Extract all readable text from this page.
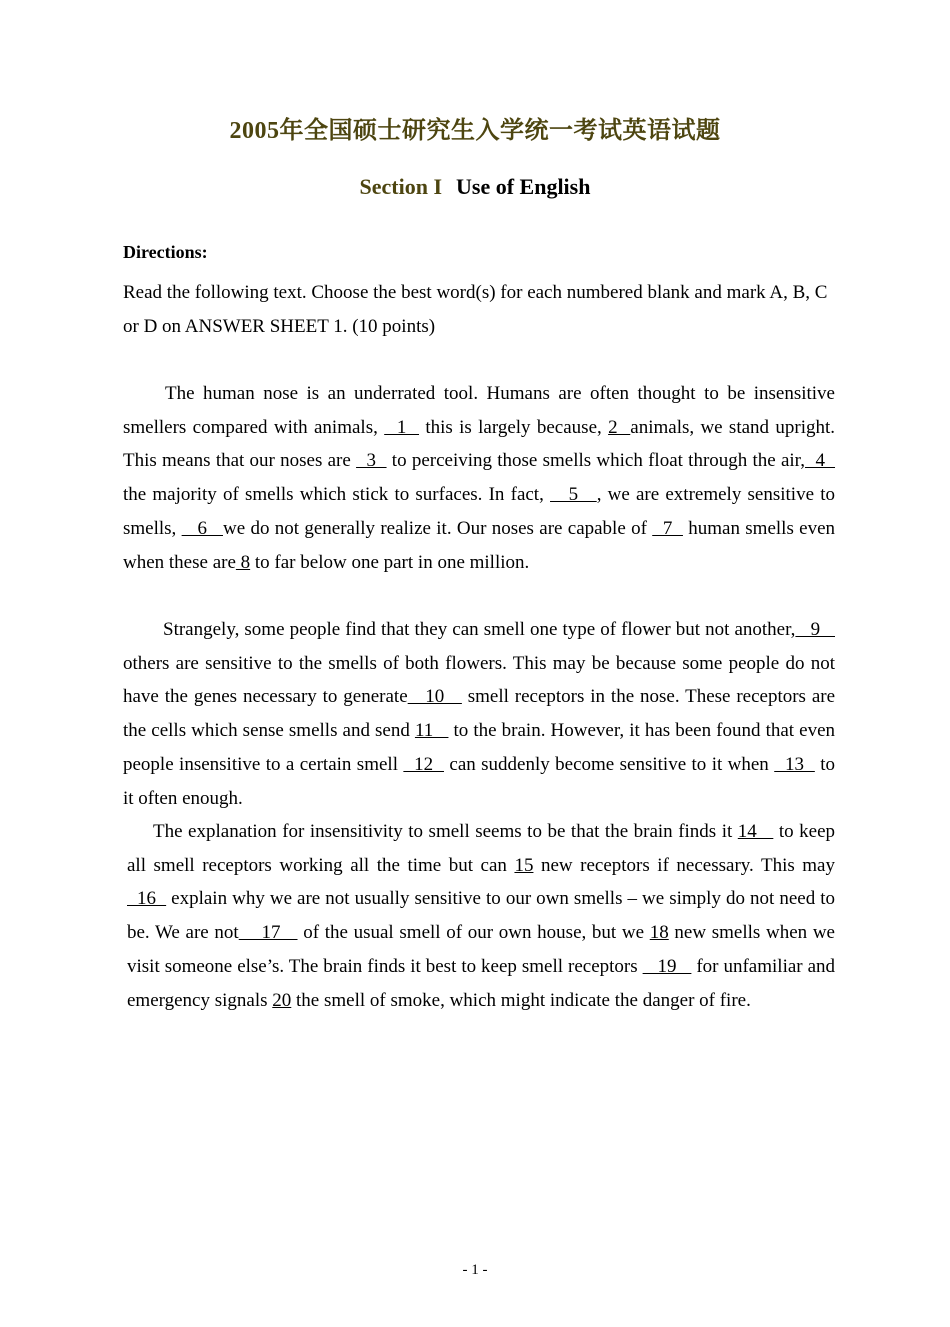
2005年全国硕士研究生入学统一考试英语试题
Section I Use of English
Directions:
Read the following text. Choose the best word(s) for each numbered blank and mark A, B, C or D on ANSWER SHEET 1. (10 points)
The human nose is an underrated tool. Humans are often thought to be insensitive smellers compared with animals,   1   this is largely because, 2  animals, we stand upright. This means that our noses are   3   to perceiving those smells which float through the air,  4   the majority of smells which stick to surfaces. In fact,    5   , we are extremely sensitive to smells,    6   we do not generally realize it. Our noses are capable of   7   human smells even when these are 8 to far below one part in one million.
Strangely, some people find that they can smell one type of flower but not another,   9    others are sensitive to the smells of both flowers. This may be because some people do not have the genes necessary to generate   10    smell receptors in the nose. These receptors are the cells which sense smells and send 11    to the brain. However, it has been found that even people insensitive to a certain smell   12   can suddenly become sensitive to it when   13   to it often enough.
The explanation for insensitivity to smell seems to be that the brain finds it 14    to keep all smell receptors working all the time but can 15 new receptors if necessary. This may   16   explain why we are not usually sensitive to our own smells – we simply do not need to be. We are not    17    of the usual smell of our own house, but we 18 new smells when we visit someone else’s. The brain finds it best to keep smell receptors    19    for unfamiliar and emergency signals 20 the smell of smoke, which might indicate the danger of fire.
- 1 -
